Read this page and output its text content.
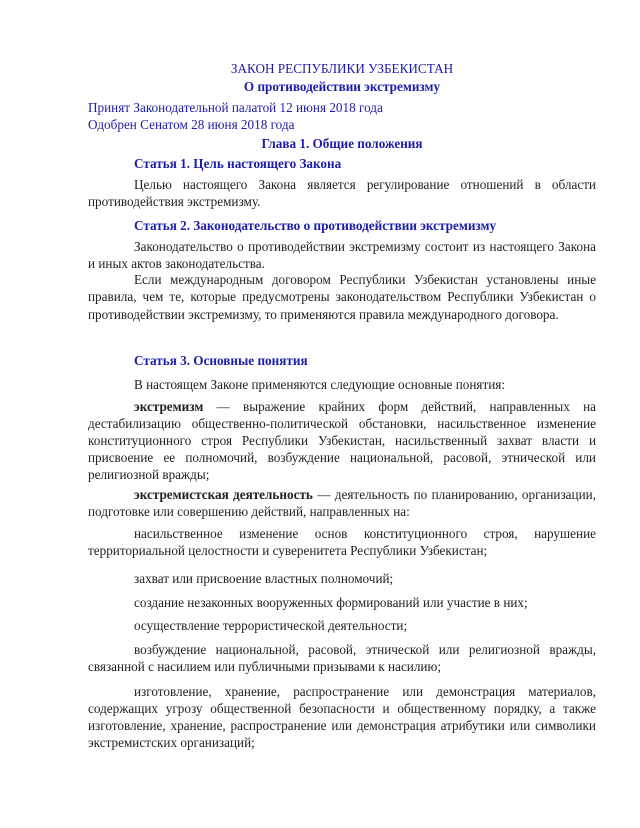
ЗАКОН РЕСПУБЛИКИ УЗБЕКИСТАН
О противодействии экстремизму
Принят Законодательной палатой 12 июня 2018 года
Одобрен Сенатом 28 июня 2018 года
Глава 1. Общие положения
Статья 1. Цель настоящего Закона
Целью настоящего Закона является регулирование отношений в области противодействия экстремизму.
Статья 2. Законодательство о противодействии экстремизму
Законодательство о противодействии экстремизму состоит из настоящего Закона и иных актов законодательства.
Если международным договором Республики Узбекистан установлены иные правила, чем те, которые предусмотрены законодательством Республики Узбекистан о противодействии экстремизму, то применяются правила международного договора.
Статья 3. Основные понятия
В настоящем Законе применяются следующие основные понятия:
экстремизм — выражение крайних форм действий, направленных на дестабилизацию общественно-политической обстановки, насильственное изменение конституционного строя Республики Узбекистан, насильственный захват власти и присвоение ее полномочий, возбуждение национальной, расовой, этнической или религиозной вражды;
экстремистская деятельность — деятельность по планированию, организации, подготовке или совершению действий, направленных на:
насильственное изменение основ конституционного строя, нарушение территориальной целостности и суверенитета Республики Узбекистан;
захват или присвоение властных полномочий;
создание незаконных вооруженных формирований или участие в них;
осуществление террористической деятельности;
возбуждение национальной, расовой, этнической или религиозной вражды, связанной с насилием или публичными призывами к насилию;
изготовление, хранение, распространение или демонстрация материалов, содержащих угрозу общественной безопасности и общественному порядку, а также изготовление, хранение, распространение или демонстрация атрибутики или символики экстремистских организаций;
